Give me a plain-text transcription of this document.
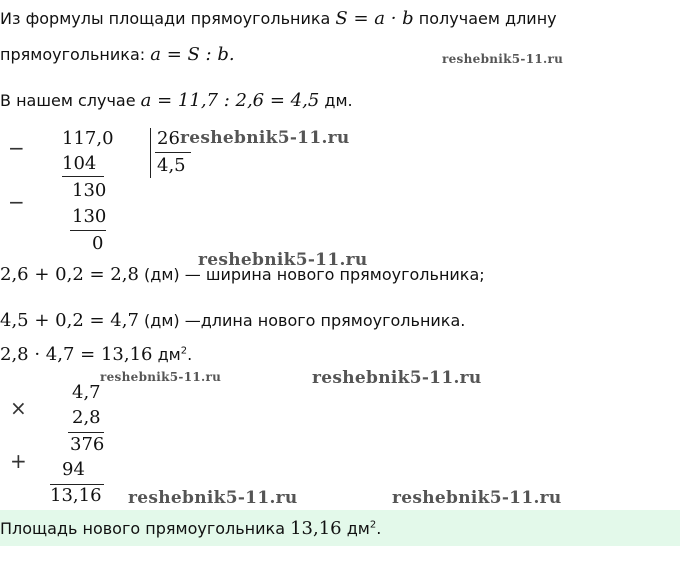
Из формулы площади прямоугольника S = a · b получаем длину
прямоугольника: a = S : b.	reshebnik5-11.ru
В нашем случае a = 11,7 : 2,6 = 4,5 дм.
− 117,0 26 reshebnik5-11.ru
4,5
104
130
−
130
0
reshebnik5-11.ru
2,6 + 0,2 = 2,8 (дм) — ширина нового прямоугольника;
4,5 + 0,2 = 4,7 (дм) —длина нового прямоугольника.
2,8 · 4,7 = 13,16 $дм^2$.
reshebnik5-11.ru	reshebnik5-11.ru
4,7
×	2,8
376
+ 94
13,16 reshebnik5-11.ru	reshebnik5-11.ru
Площадь нового прямоугольника 13,16 $дм^2$.
